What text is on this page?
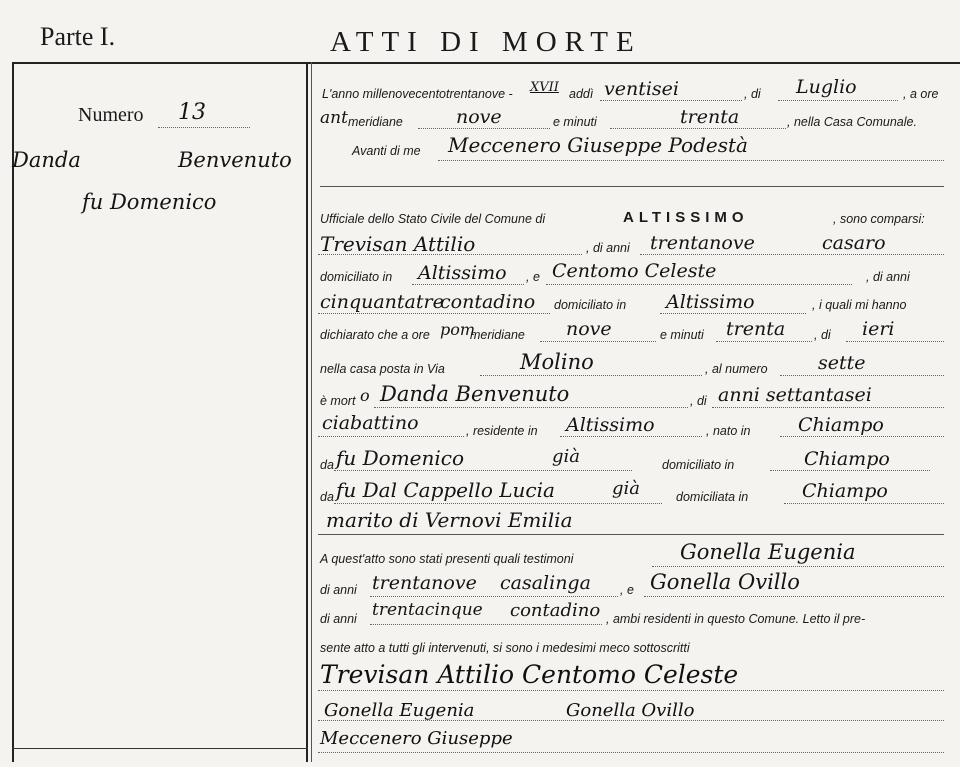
Parte I.	ATTI DI MORTE
Numero 13
Danda	Benvenuto
fu Domenico
L'anno millenovecentotrentanove - XVII addì ventisei	, di Luglio	, a ore
ant meridiane	nove	e minuti	trenta	, nella Casa Comunale.
Avanti di me Meccenero Giuseppe Podestà
Ufficiale dello Stato Civile del Comune di	ALTISSIMO	, sono comparsi:
Trevisan Attilio	, di anni trentanove	casaro
domiciliato in Altissimo , e Centomo Celeste	, di anni
cinquantatre
contadino domiciliato in Altissimo	, i quali mi hanno
dichiarato che a ore pom
meridiane nove	e minuti trenta , di ieri
nella casa posta in Via	Molino	, al numero	sette
è mort o Danda Benvenuto	, di anni settantasei
ciabattino	, residente in Altissimo	, nato in	Chiampo
da fu Domenico	già	domiciliato in	Chiampo
da fu Dal Cappello Lucia	già	domiciliata in	Chiampo
marito di Vernovi Emilia
A quest'atto sono stati presenti quali testimoni	Gonella Eugenia
di anni trentanove casalinga , e Gonella Ovillo
di anni trentacinque contadino , ambi residenti in questo Comune. Letto il pre-
sente atto a tutti gli intervenuti, si sono i medesimi meco sottoscritti
Trevisan Attilio Centomo Celeste
Gonella Eugenia	Gonella Ovillo
Meccenero Giuseppe
